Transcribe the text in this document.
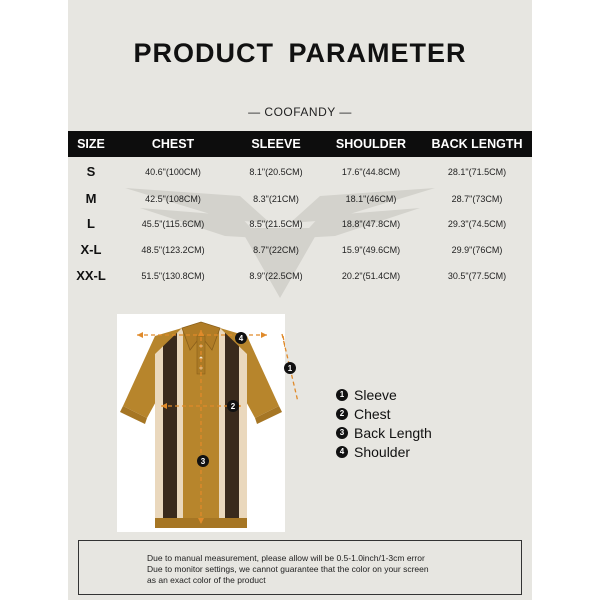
PRODUCT PARAMETER
— COOFANDY —
SIZE	CHEST	SLEEVE	SHOULDER	BACK LENGTH
S	40.6"(100CM)	8.1"(20.5CM)	17.6"(44.8CM)	28.1"(71.5CM)
M	42.5"(108CM)	8.3"(21CM)	18.1"(46CM)	28.7"(73CM)
L	45.5"(115.6CM)	8.5"(21.5CM)	18.8"(47.8CM)	29.3"(74.5CM)
X-L	48.5"(123.2CM)	8.7"(22CM)	15.9"(49.6CM)	29.9"(76CM)
XX-L	51.5"(130.8CM)	8.9"(22.5CM)	20.2"(51.4CM)	30.5"(77.5CM)
4
2
3
1
1 Sleeve
2 Chest
3 Back Length
4 Shoulder
Due to manual measurement, please allow will be 0.5-1.0inch/1-3cm error
Due to monitor settings, we cannot guarantee that the color on your screen
as an exact color of the product
